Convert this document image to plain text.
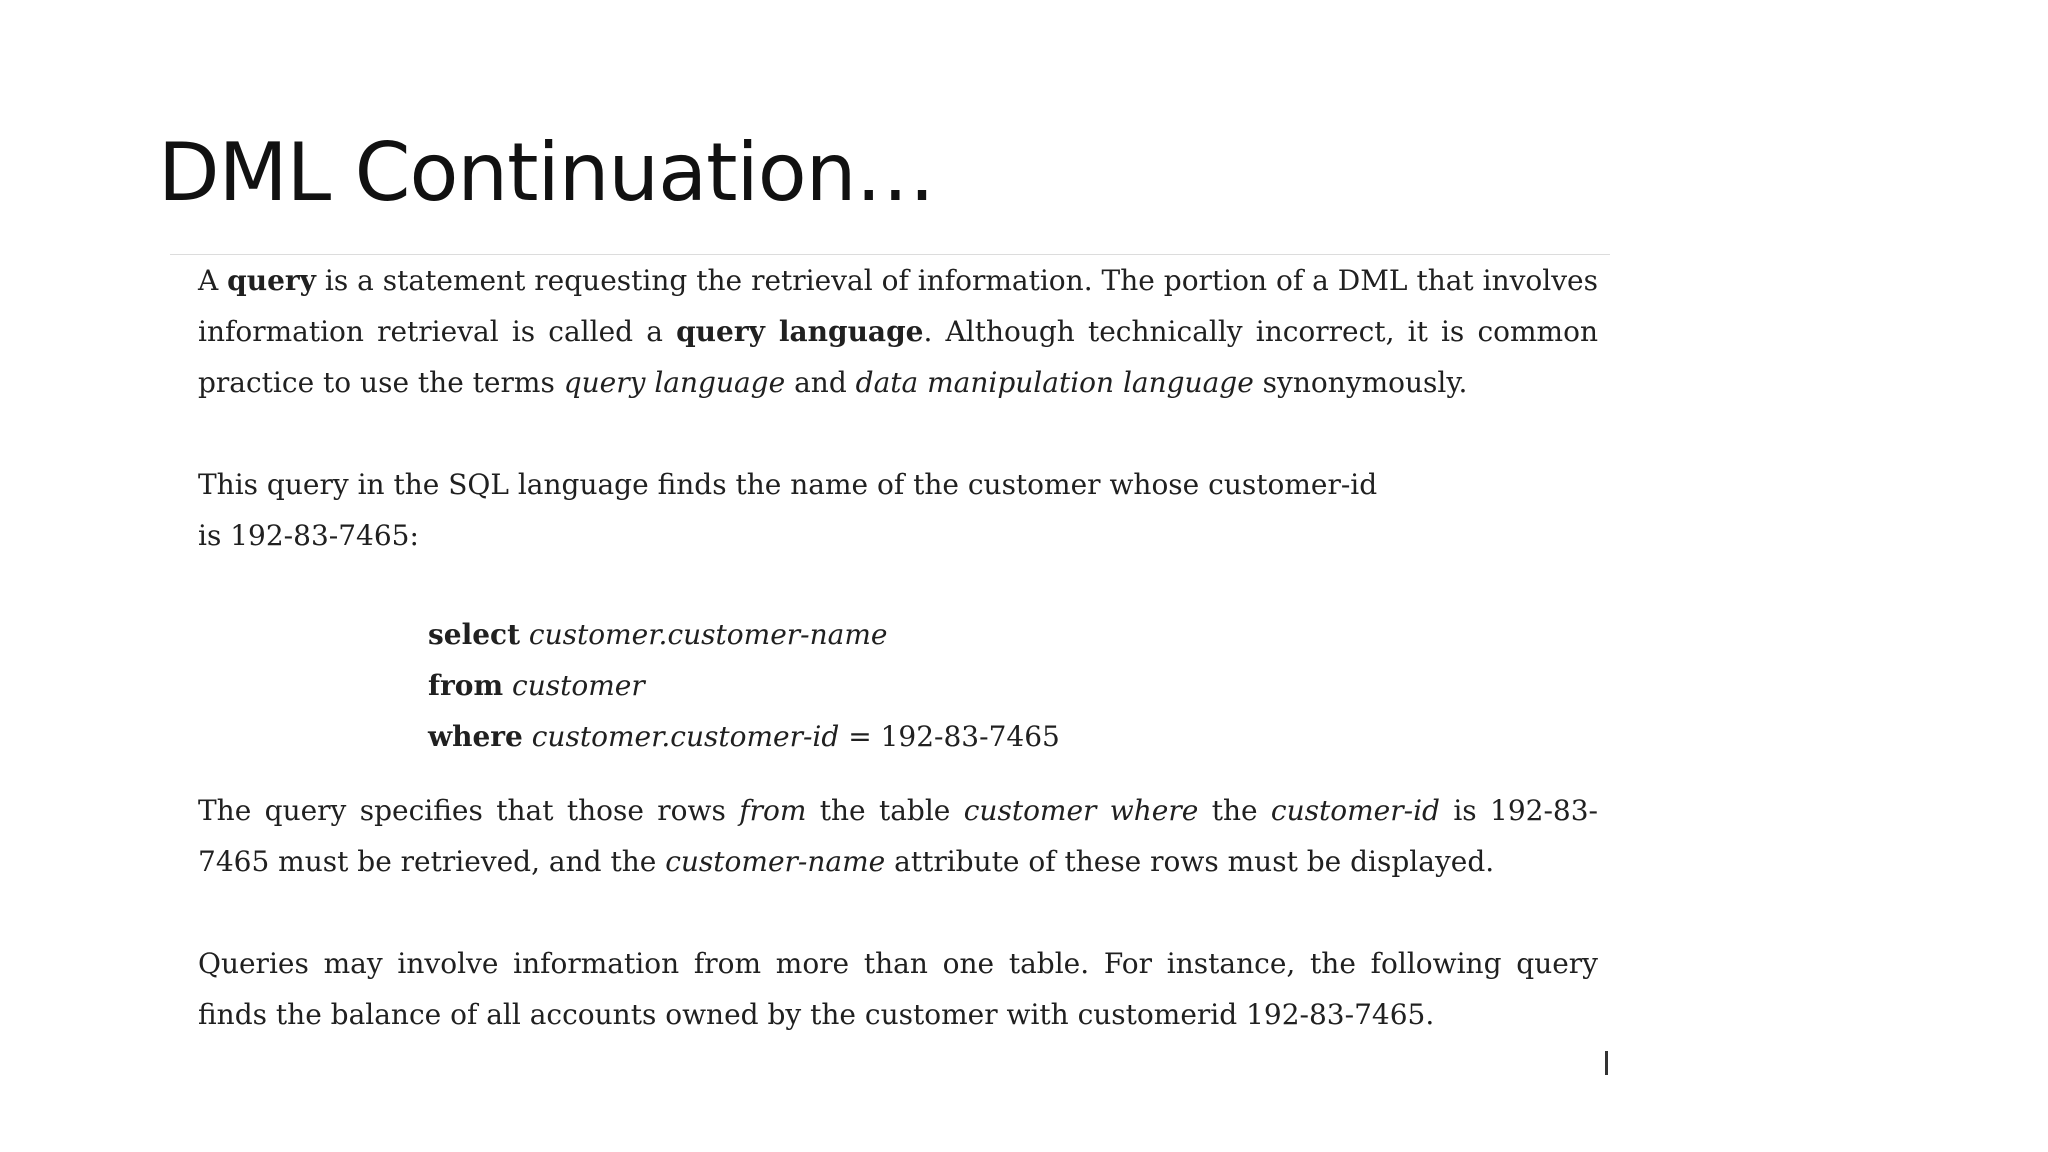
DML Continuation…

A query is a statement requesting the retrieval of information. The portion of a DML that involves information retrieval is called a query language. Although technically incorrect, it is common practice to use the terms query language and data manipulation language synonymously.

This query in the SQL language finds the name of the customer whose customer-id
is 192-83-7465:

select customer.customer-name
from customer
where customer.customer-id = 192-83-7465

The query specifies that those rows from the table customer where the customer-id is 192-83-7465 must be retrieved, and the customer-name attribute of these rows must be displayed.

Queries may involve information from more than one table. For instance, the following query finds the balance of all accounts owned by the customer with customerid 192-83-7465.
